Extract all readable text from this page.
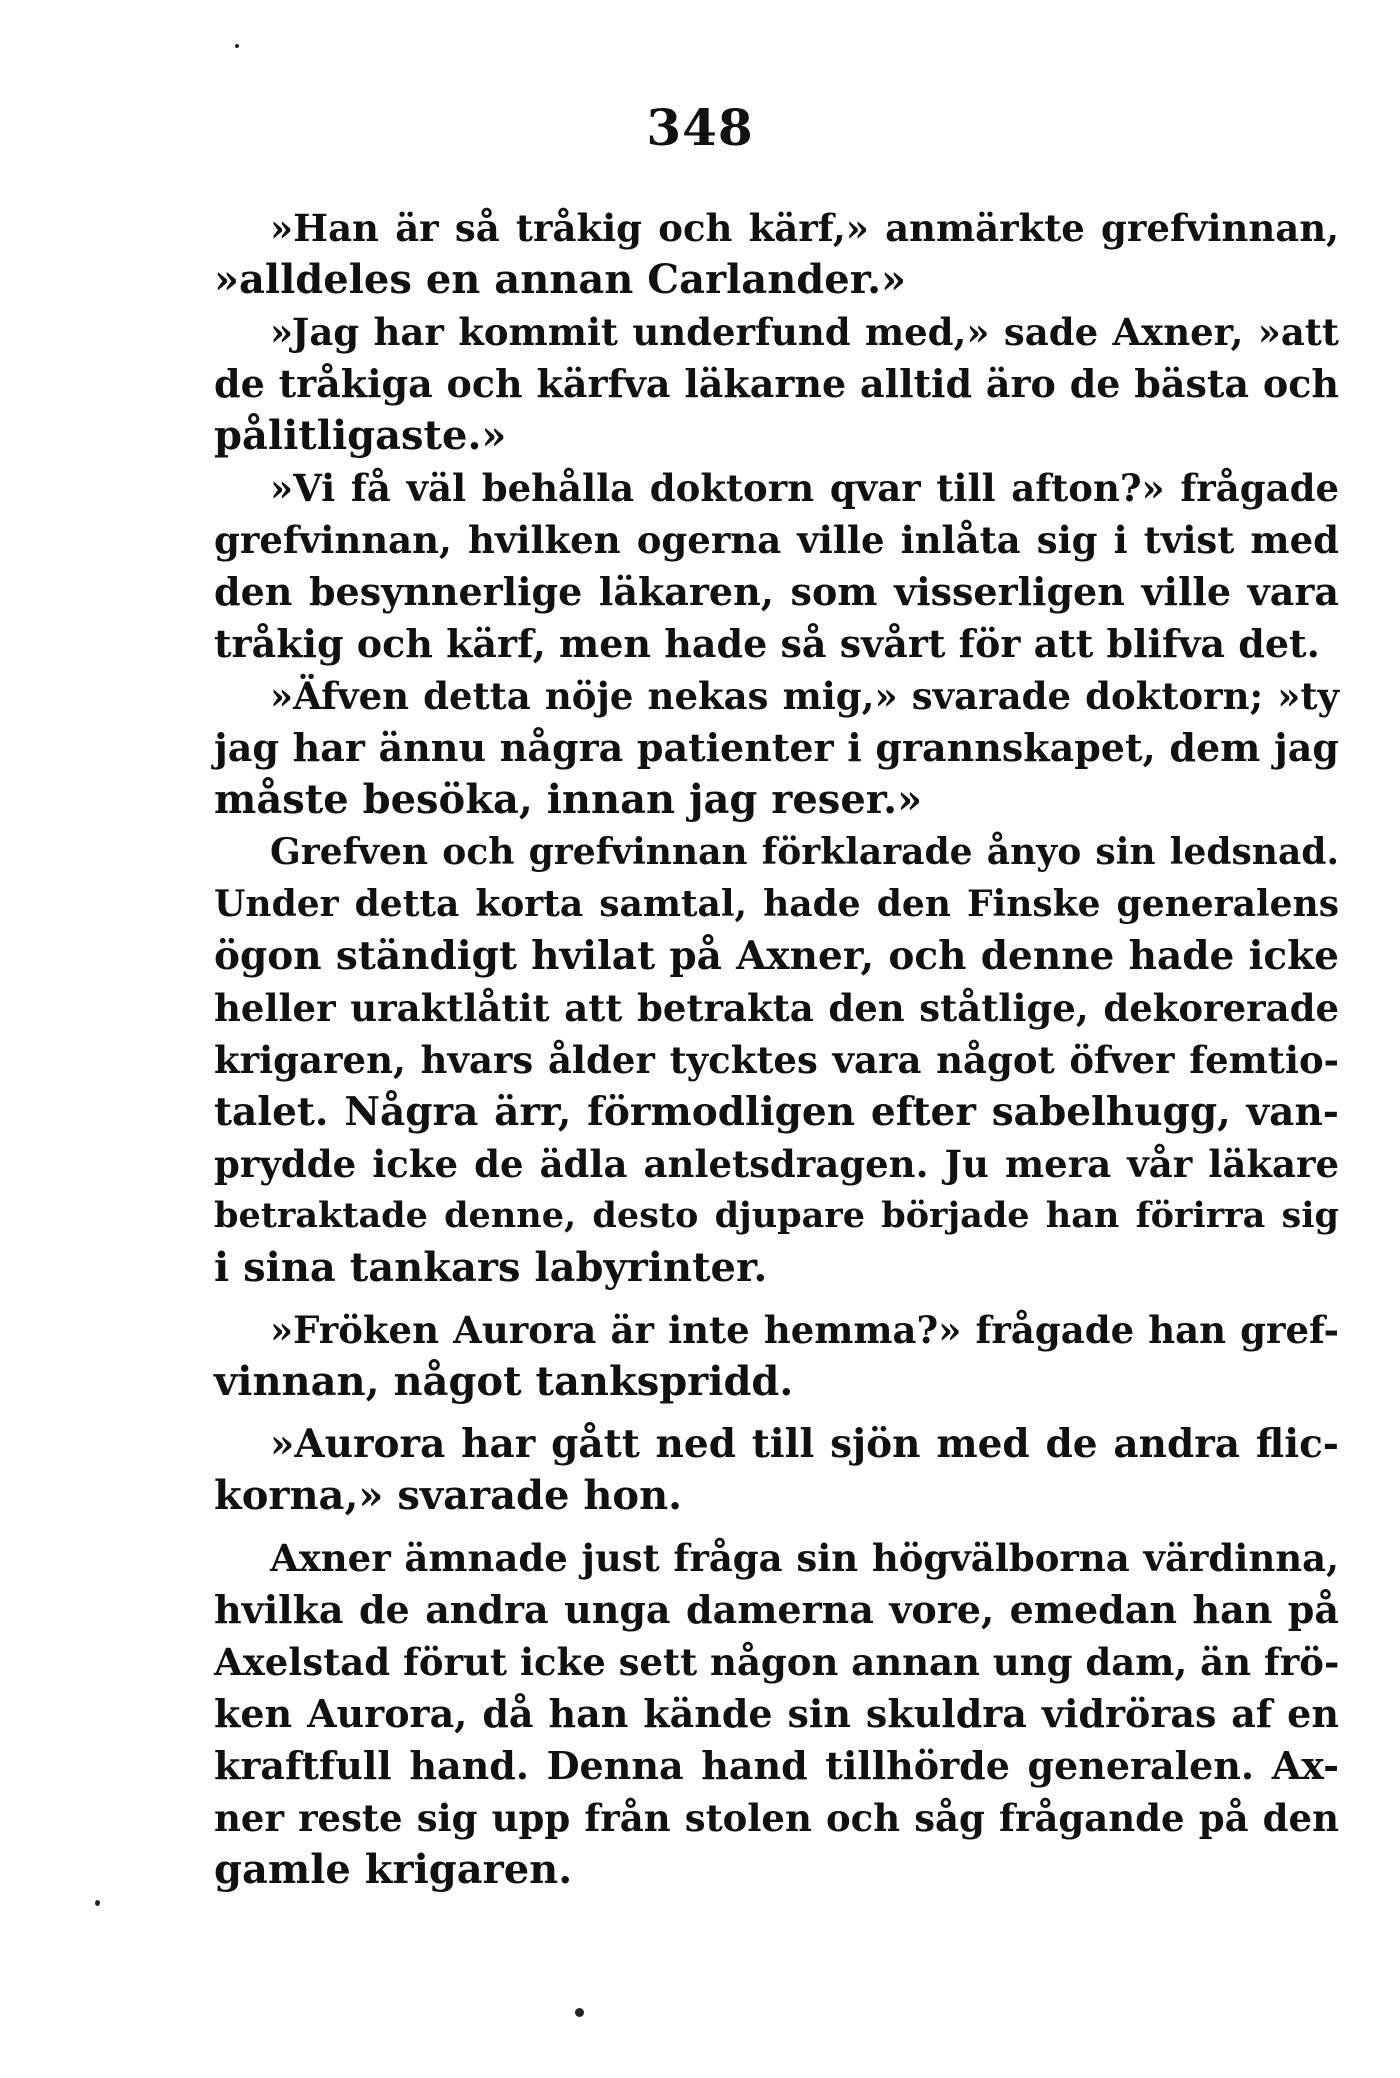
348
»Han är så tråkig och kärf,» anmärkte grefvinnan,
»alldeles en annan Carlander.»
»Jag har kommit underfund med,» sade Axner, »att
de tråkiga och kärfva läkarne alltid äro de bästa och
pålitligaste.»
»Vi få väl behålla doktorn qvar till afton?» frågade
grefvinnan, hvilken ogerna ville inlåta sig i tvist med
den besynnerlige läkaren, som visserligen ville vara
tråkig och kärf, men hade så svårt för att blifva det.
»Äfven detta nöje nekas mig,» svarade doktorn; »ty
jag har ännu några patienter i grannskapet, dem jag
måste besöka, innan jag reser.»
Grefven och grefvinnan förklarade ånyo sin ledsnad.
Under detta korta samtal, hade den Finske generalens
ögon ständigt hvilat på Axner, och denne hade icke
heller uraktlåtit att betrakta den ståtlige, dekorerade
krigaren, hvars ålder tycktes vara något öfver femtio-
talet. Några ärr, förmodligen efter sabelhugg, van-
prydde icke de ädla anletsdragen. Ju mera vår läkare
betraktade denne, desto djupare började han förirra sig
i sina tankars labyrinter.
»Fröken Aurora är inte hemma?» frågade han gref-
vinnan, något tankspridd.
»Aurora har gått ned till sjön med de andra flic-
korna,» svarade hon.
Axner ämnade just fråga sin högvälborna värdinna,
hvilka de andra unga damerna vore, emedan han på
Axelstad förut icke sett någon annan ung dam, än frö-
ken Aurora, då han kände sin skuldra vidröras af en
kraftfull hand. Denna hand tillhörde generalen. Ax-
ner reste sig upp från stolen och såg frågande på den
gamle krigaren.
